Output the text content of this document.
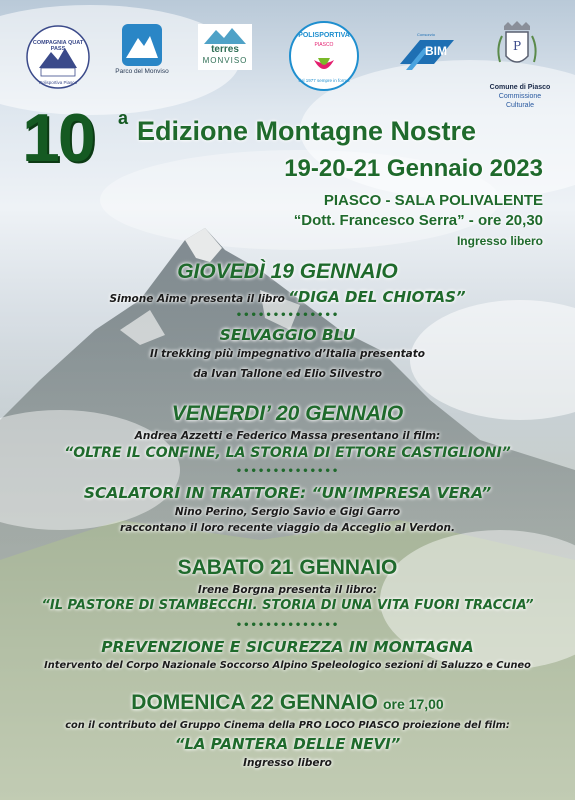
COMPAGNIA QUAT PASS
Polisportiva Piasco
Parco del Monviso
terres
MONVISO
POLISPORTIVA
PIASCO
dal 1977 sempre in forma
BIM
Consorzio
P
Comune di Piasco
Commissione
Culturale
10 a Edizione Montagne Nostre
19-20-21 Gennaio 2023
PIASCO - SALA POLIVALENTE
“Dott. Francesco Serra” - ore 20,30
Ingresso libero
GIOVEDÌ 19 GENNAIO
Simone Aime presenta il libro “DIGA DEL CHIOTAS”
••••••••••••••
SELVAGGIO BLU
Il trekking più impegnativo d’Italia presentato
da Ivan Tallone ed Elio Silvestro
VENERDI’ 20 GENNAIO
Andrea Azzetti e Federico Massa presentano il film:
“OLTRE IL CONFINE, LA STORIA DI ETTORE CASTIGLIONI”
••••••••••••••
SCALATORI IN TRATTORE: “UN’IMPRESA VERA”
Nino Perino, Sergio Savio e Gigi Garro
raccontano il loro recente viaggio da Acceglio al Verdon.
SABATO 21 GENNAIO
Irene Borgna presenta il libro:
“IL PASTORE DI STAMBECCHI. STORIA DI UNA VITA FUORI TRACCIA”
••••••••••••••
PREVENZIONE E SICUREZZA IN MONTAGNA
Intervento del Corpo Nazionale Soccorso Alpino Speleologico sezioni di Saluzzo e Cuneo
DOMENICA 22 GENNAIO ore 17,00
con il contributo del Gruppo Cinema della PRO LOCO PIASCO proiezione del film:
“LA PANTERA DELLE NEVI”
Ingresso libero
